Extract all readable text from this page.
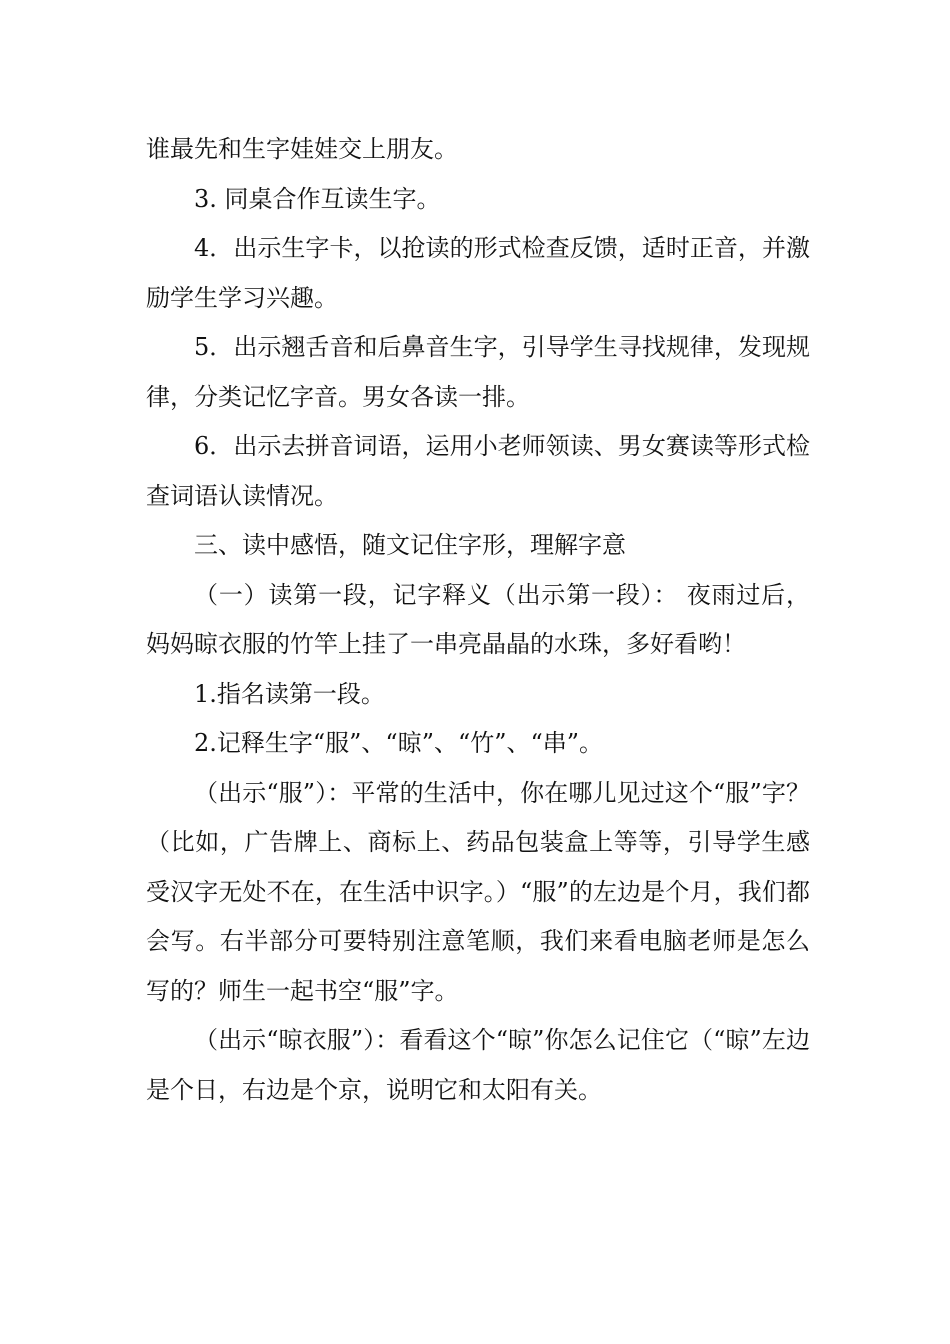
谁最先和生字娃娃交上朋友。

3. 同桌合作互读生字。

4．出示生字卡，以抢读的形式检查反馈，适时正音，并激励学生学习兴趣。

5．出示翘舌音和后鼻音生字，引导学生寻找规律，发现规律，分类记忆字音。男女各读一排。

6．出示去拼音词语，运用小老师领读、男女赛读等形式检查词语认读情况。

三、读中感悟，随文记住字形，理解字意

（一）读第一段，记字释义（出示第一段）： 夜雨过后，妈妈晾衣服的竹竿上挂了一串亮晶晶的水珠，多好看哟！

1.指名读第一段。

2.记释生字“服”、“晾”、“竹”、“串”。

（出示“服”）：平常的生活中，你在哪儿见过这个“服”字？（比如，广告牌上、商标上、药品包装盒上等等，引导学生感受汉字无处不在，在生活中识字。）“服”的左边是个月，我们都会写。右半部分可要特别注意笔顺，我们来看电脑老师是怎么写的？师生一起书空“服”字。

（出示“晾衣服”）：看看这个“晾”你怎么记住它（“晾”左边是个日，右边是个京，说明它和太阳有关。
